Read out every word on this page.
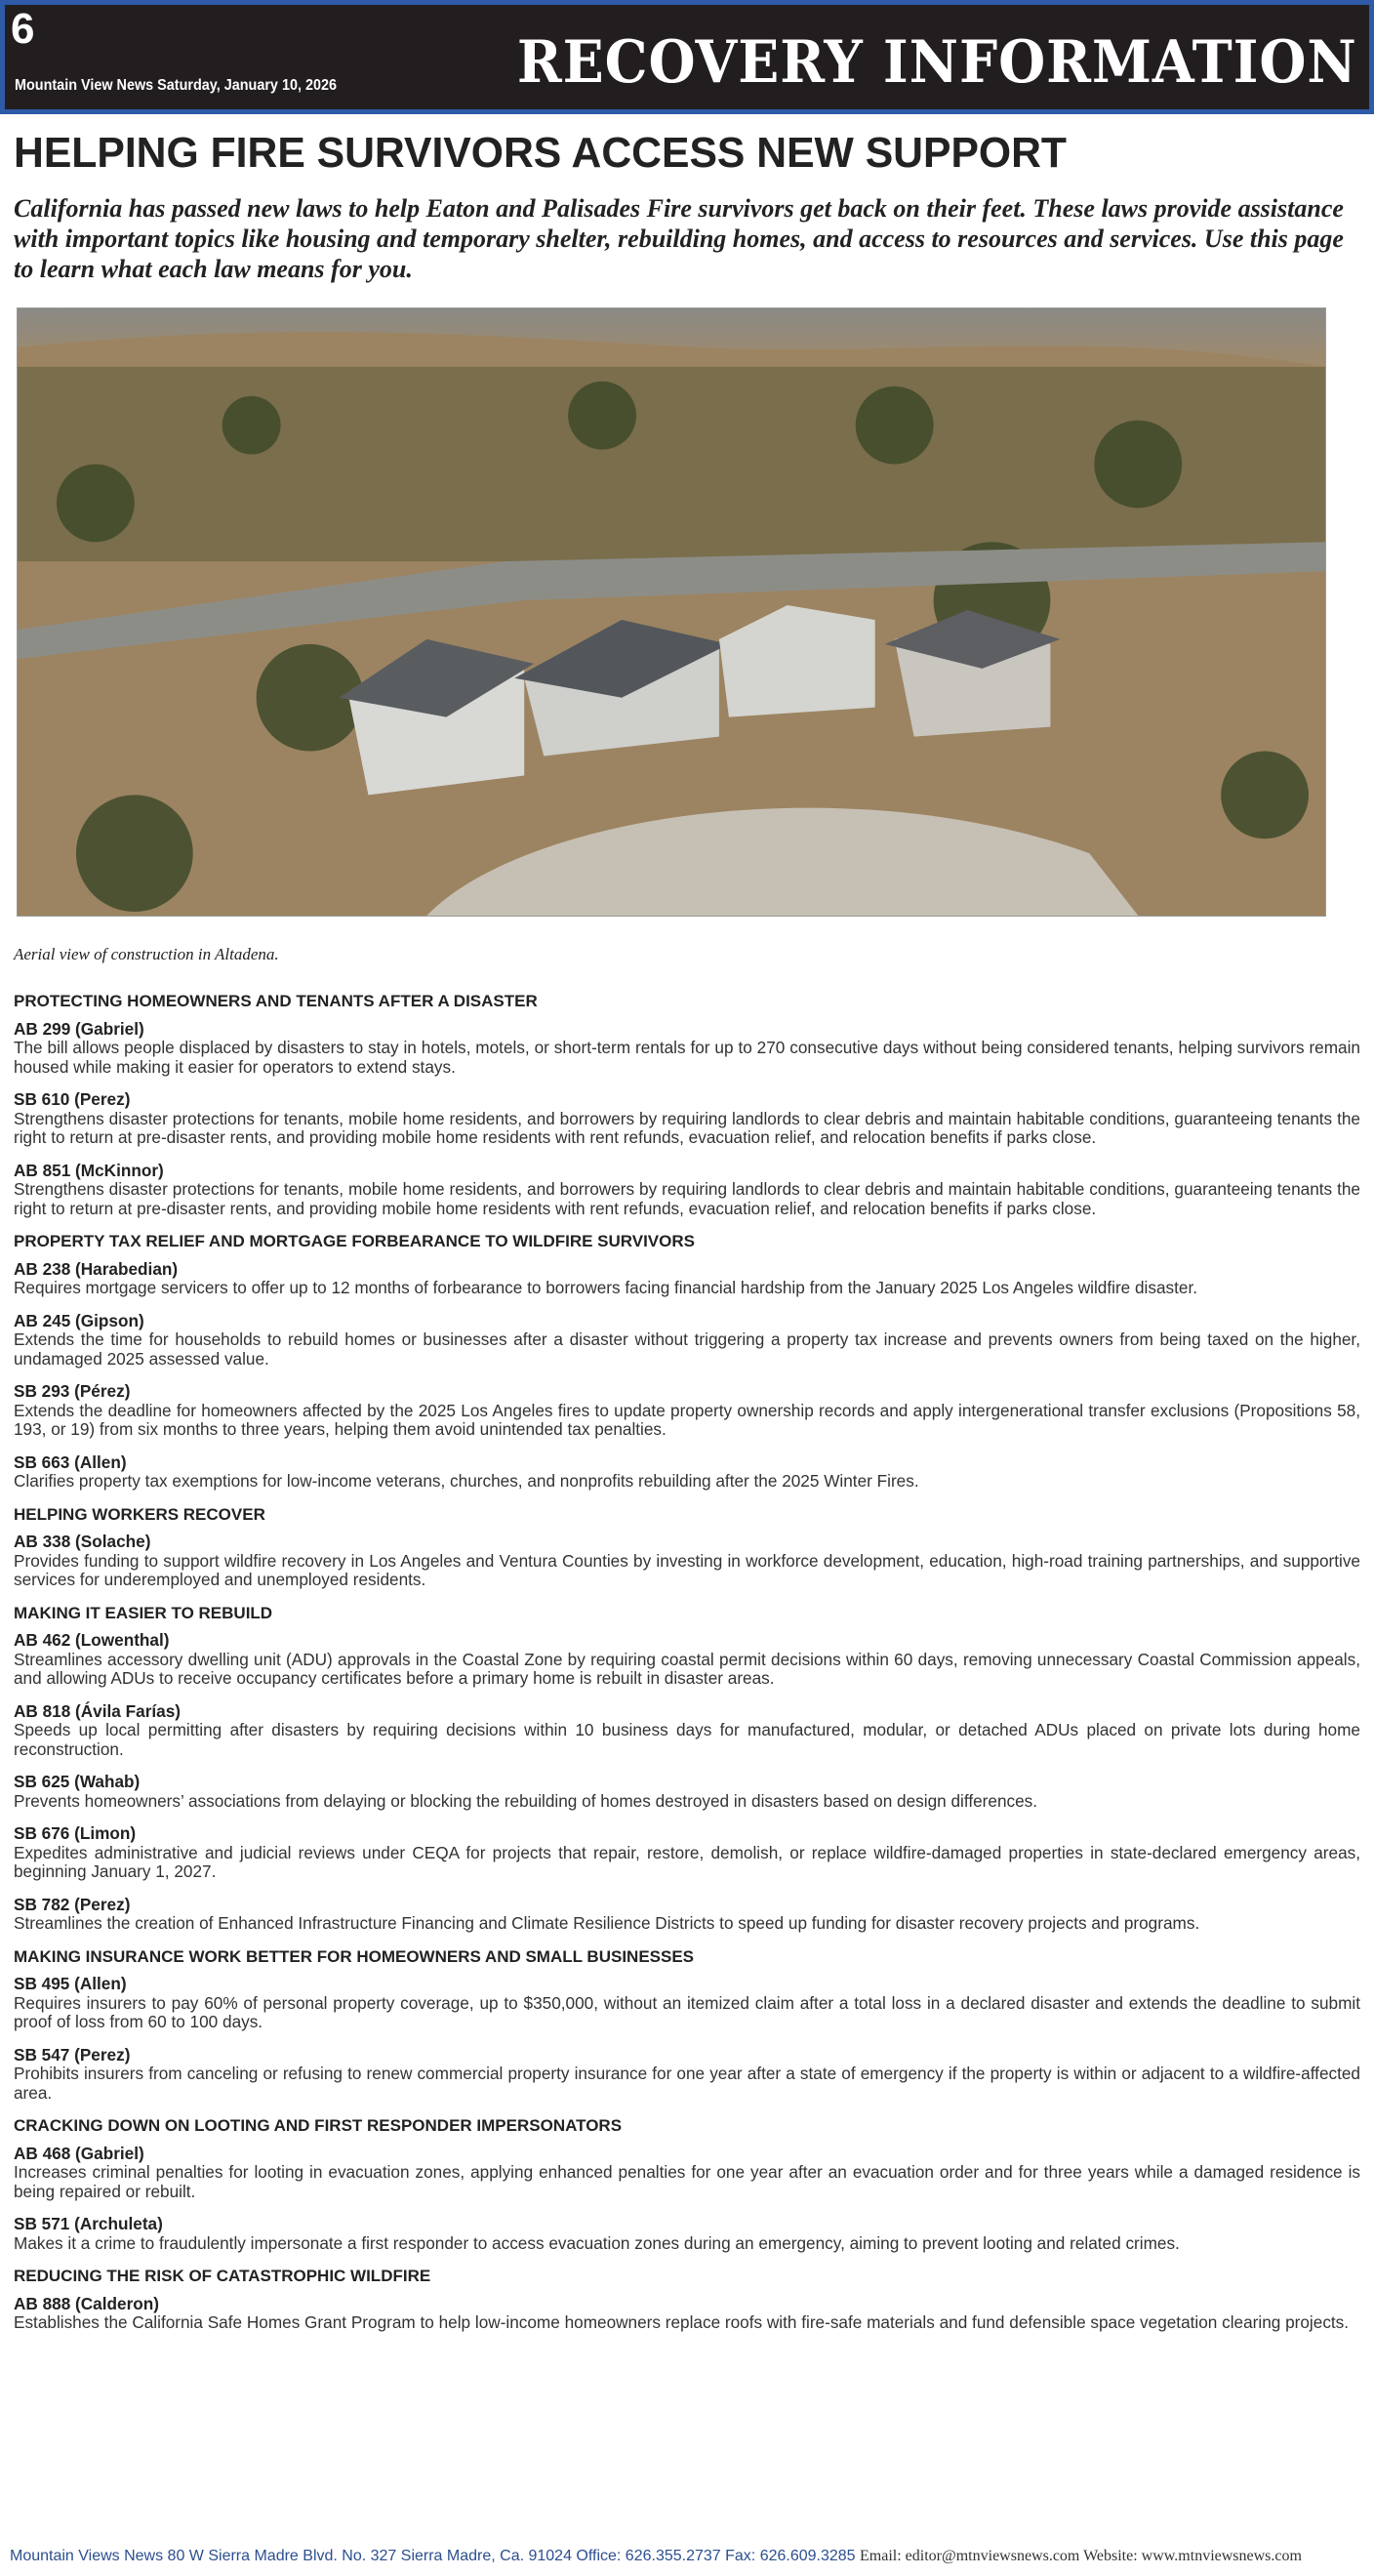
6
Mountain View News Saturday, January 10, 2026	RECOVERY INFORMATION
HELPING FIRE SURVIVORS ACCESS NEW SUPPORT

California has passed new laws to help Eaton and Palisades Fire survivors get back on their feet. These laws provide assistance with important topics like housing and temporary shelter, rebuilding homes, and access to resources and services. Use this page to learn what each law means for you.

Aerial view of construction in Altadena.
PROTECTING HOMEOWNERS AND TENANTS AFTER A DISASTER
AB 299 (Gabriel)

The bill allows people displaced by disasters to stay in hotels, motels, or short-term rentals for up to 270 consecutive days without being considered tenants, helping survivors remain housed while making it easier for operators to extend stays.

SB 610 (Perez)

Strengthens disaster protections for tenants, mobile home residents, and borrowers by requiring landlords to clear debris and maintain habitable conditions, guaranteeing tenants the right to return at pre-disaster rents, and providing mobile home residents with rent refunds, evacuation relief, and relocation benefits if parks close.

AB 851 (McKinnor)

Strengthens disaster protections for tenants, mobile home residents, and borrowers by requiring landlords to clear debris and maintain habitable conditions, guaranteeing tenants the right to return at pre-disaster rents, and providing mobile home residents with rent refunds, evacuation relief, and relocation benefits if parks close.

PROPERTY TAX RELIEF AND MORTGAGE FORBEARANCE TO WILDFIRE SURVIVORS
AB 238 (Harabedian)

Requires mortgage servicers to offer up to 12 months of forbearance to borrowers facing financial hardship from the January 2025 Los Angeles wildfire disaster.

AB 245 (Gipson)

Extends the time for households to rebuild homes or businesses after a disaster without triggering a property tax increase and prevents owners from being taxed on the higher, undamaged 2025 assessed value.

SB 293 (Pérez)

Extends the deadline for homeowners affected by the 2025 Los Angeles fires to update property ownership records and apply intergenerational transfer exclusions (Propositions 58, 193, or 19) from six months to three years, helping them avoid unintended tax penalties.

SB 663 (Allen)

Clarifies property tax exemptions for low-income veterans, churches, and nonprofits rebuilding after the 2025 Winter Fires.

HELPING WORKERS RECOVER
AB 338 (Solache)

Provides funding to support wildfire recovery in Los Angeles and Ventura Counties by investing in workforce development, education, high-road training partnerships, and supportive services for underemployed and unemployed residents.

MAKING IT EASIER TO REBUILD
AB 462 (Lowenthal)

Streamlines accessory dwelling unit (ADU) approvals in the Coastal Zone by requiring coastal permit decisions within 60 days, removing unnecessary Coastal Commission appeals, and allowing ADUs to receive occupancy certificates before a primary home is rebuilt in disaster areas.

AB 818 (Ávila Farías)

Speeds up local permitting after disasters by requiring decisions within 10 business days for manufactured, modular, or detached ADUs placed on private lots during home reconstruction.

SB 625 (Wahab)

Prevents homeowners’ associations from delaying or blocking the rebuilding of homes destroyed in disasters based on design differences.

SB 676 (Limon)

Expedites administrative and judicial reviews under CEQA for projects that repair, restore, demolish, or replace wildfire-damaged properties in state-declared emergency areas, beginning January 1, 2027.

SB 782 (Perez)

Streamlines the creation of Enhanced Infrastructure Financing and Climate Resilience Districts to speed up funding for disaster recovery projects and programs.

MAKING INSURANCE WORK BETTER FOR HOMEOWNERS AND SMALL BUSINESSES
SB 495 (Allen)

Requires insurers to pay 60% of personal property coverage, up to $350,000, without an itemized claim after a total loss in a declared disaster and extends the deadline to submit proof of loss from 60 to 100 days.

SB 547 (Perez)

Prohibits insurers from canceling or refusing to renew commercial property insurance for one year after a state of emergency if the property is within or adjacent to a wildfire-affected area.

CRACKING DOWN ON LOOTING AND FIRST RESPONDER IMPERSONATORS
AB 468 (Gabriel)

Increases criminal penalties for looting in evacuation zones, applying enhanced penalties for one year after an evacuation order and for three years while a damaged residence is being repaired or rebuilt.

SB 571 (Archuleta)

Makes it a crime to fraudulently impersonate a first responder to access evacuation zones during an emergency, aiming to prevent looting and related crimes.

REDUCING THE RISK OF CATASTROPHIC WILDFIRE
AB 888 (Calderon)

Establishes the California Safe Homes Grant Program to help low-income homeowners replace roofs with fire-safe materials and fund defensible space vegetation clearing projects.

Mountain Views News 80 W Sierra Madre Blvd. No. 327 Sierra Madre, Ca. 91024 Office: 626.355.2737 Fax: 626.609.3285 Email: editor@mtnviewsnews.com Website: www.mtnviewsnews.com
